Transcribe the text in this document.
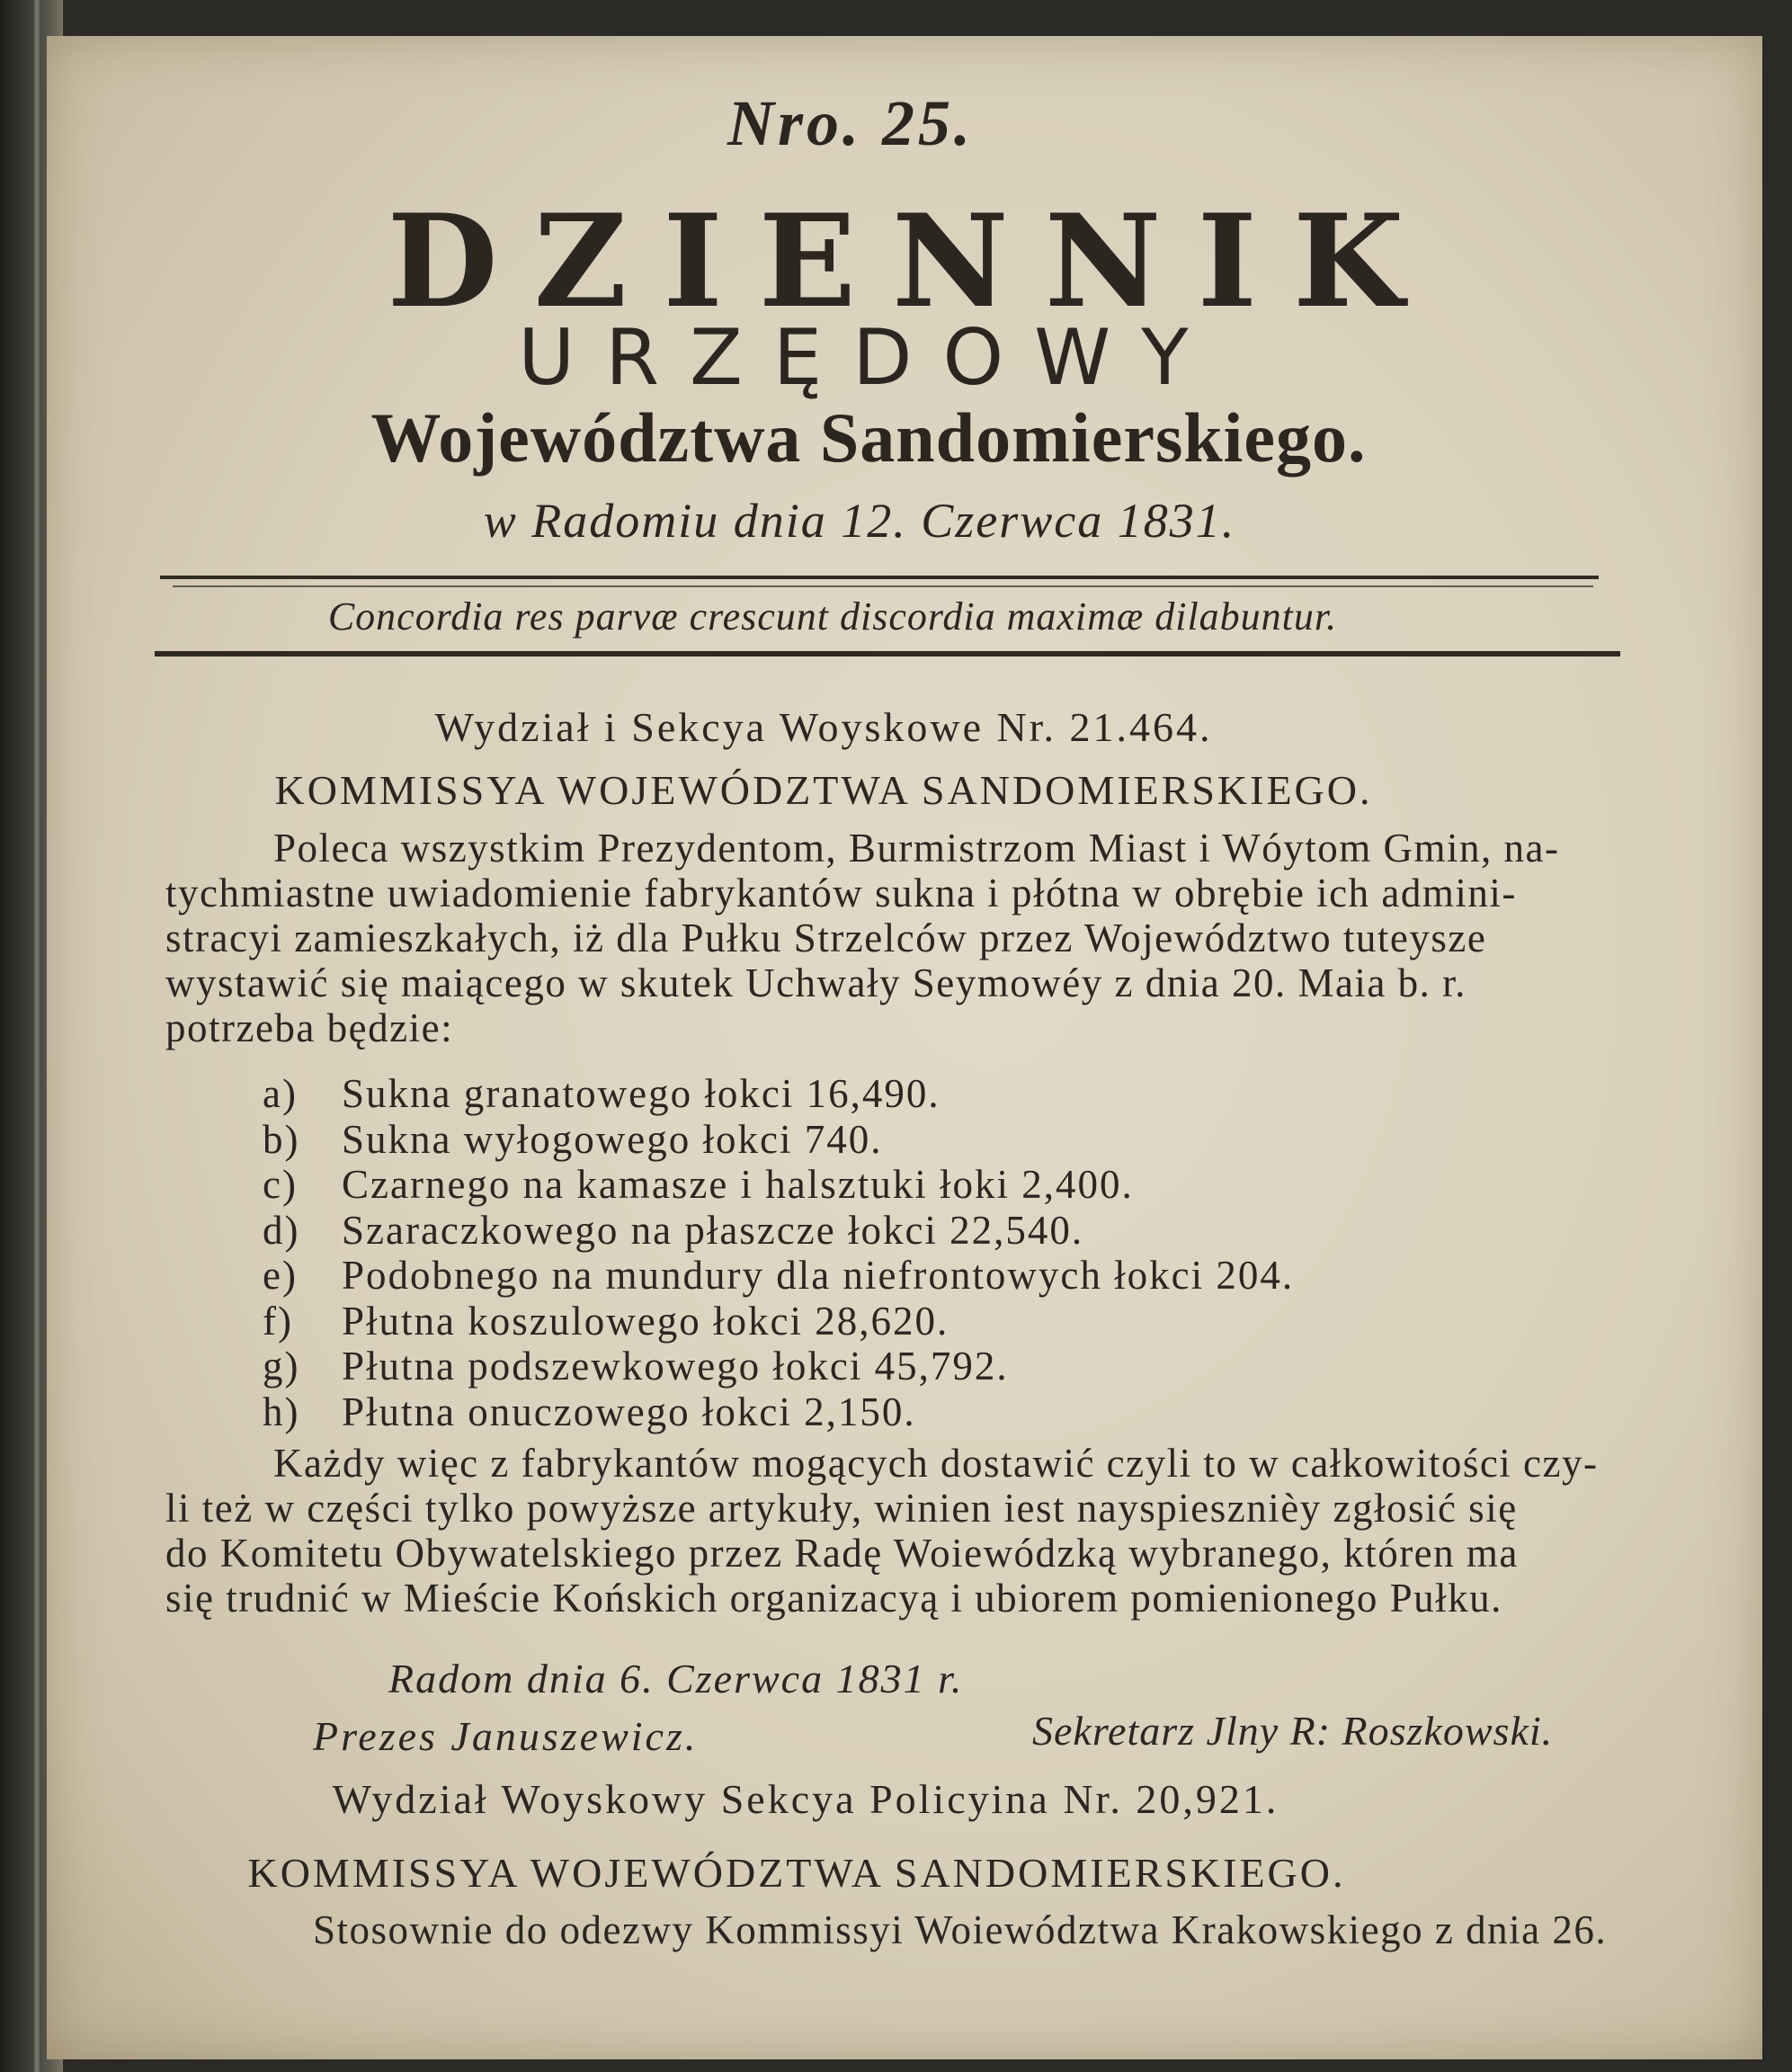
Nro. 25.
DZIENNIK
URZĘDOWY
Województwa Sandomierskiego.
w Radomiu dnia 12. Czerwca 1831.
Concordia res parvæ crescunt discordia maximæ dilabuntur.
Wydział i Sekcya Woyskowe Nr. 21.464.
KOMMISSYA WOJEWÓDZTWA SANDOMIERSKIEGO.
Poleca wszystkim Prezydentom, Burmistrzom Miast i Wóytom Gmin, na-
tychmiastne uwiadomienie fabrykantów sukna i płótna w obrębie ich admini-
stracyi zamieszkałych, iż dla Pułku Strzelców przez Województwo tuteysze
wystawić się maiącego w skutek Uchwały Seymowéy z dnia 20. Maia b. r.
potrzeba będzie:
a) Sukna granatowego łokci 16,490.
b) Sukna wyłogowego łokci 740.
c) Czarnego na kamasze i halsztuki łoki 2,400.
d) Szaraczkowego na płaszcze łokci 22,540.
e) Podobnego na mundury dla niefrontowych łokci 204.
f) Płutna koszulowego łokci 28,620.
g) Płutna podszewkowego łokci 45,792.
h) Płutna onuczowego łokci 2,150.
Każdy więc z fabrykantów mogących dostawić czyli to w całkowitości czy-
li też w części tylko powyższe artykuły, winien iest nayspiesznièy zgłosić się
do Komitetu Obywatelskiego przez Radę Woiewódzką wybranego, któren ma
się trudnić w Mieście Końskich organizacyą i ubiorem pomienionego Pułku.
Radom dnia 6. Czerwca 1831 r.
Prezes Januszewicz.	Sekretarz Jlny R: Roszkowski.
Wydział Woyskowy Sekcya Policyina Nr. 20,921.
KOMMISSYA WOJEWÓDZTWA SANDOMIERSKIEGO.
Stosownie do odezwy Kommissyi Woiewództwa Krakowskiego z dnia 26.
